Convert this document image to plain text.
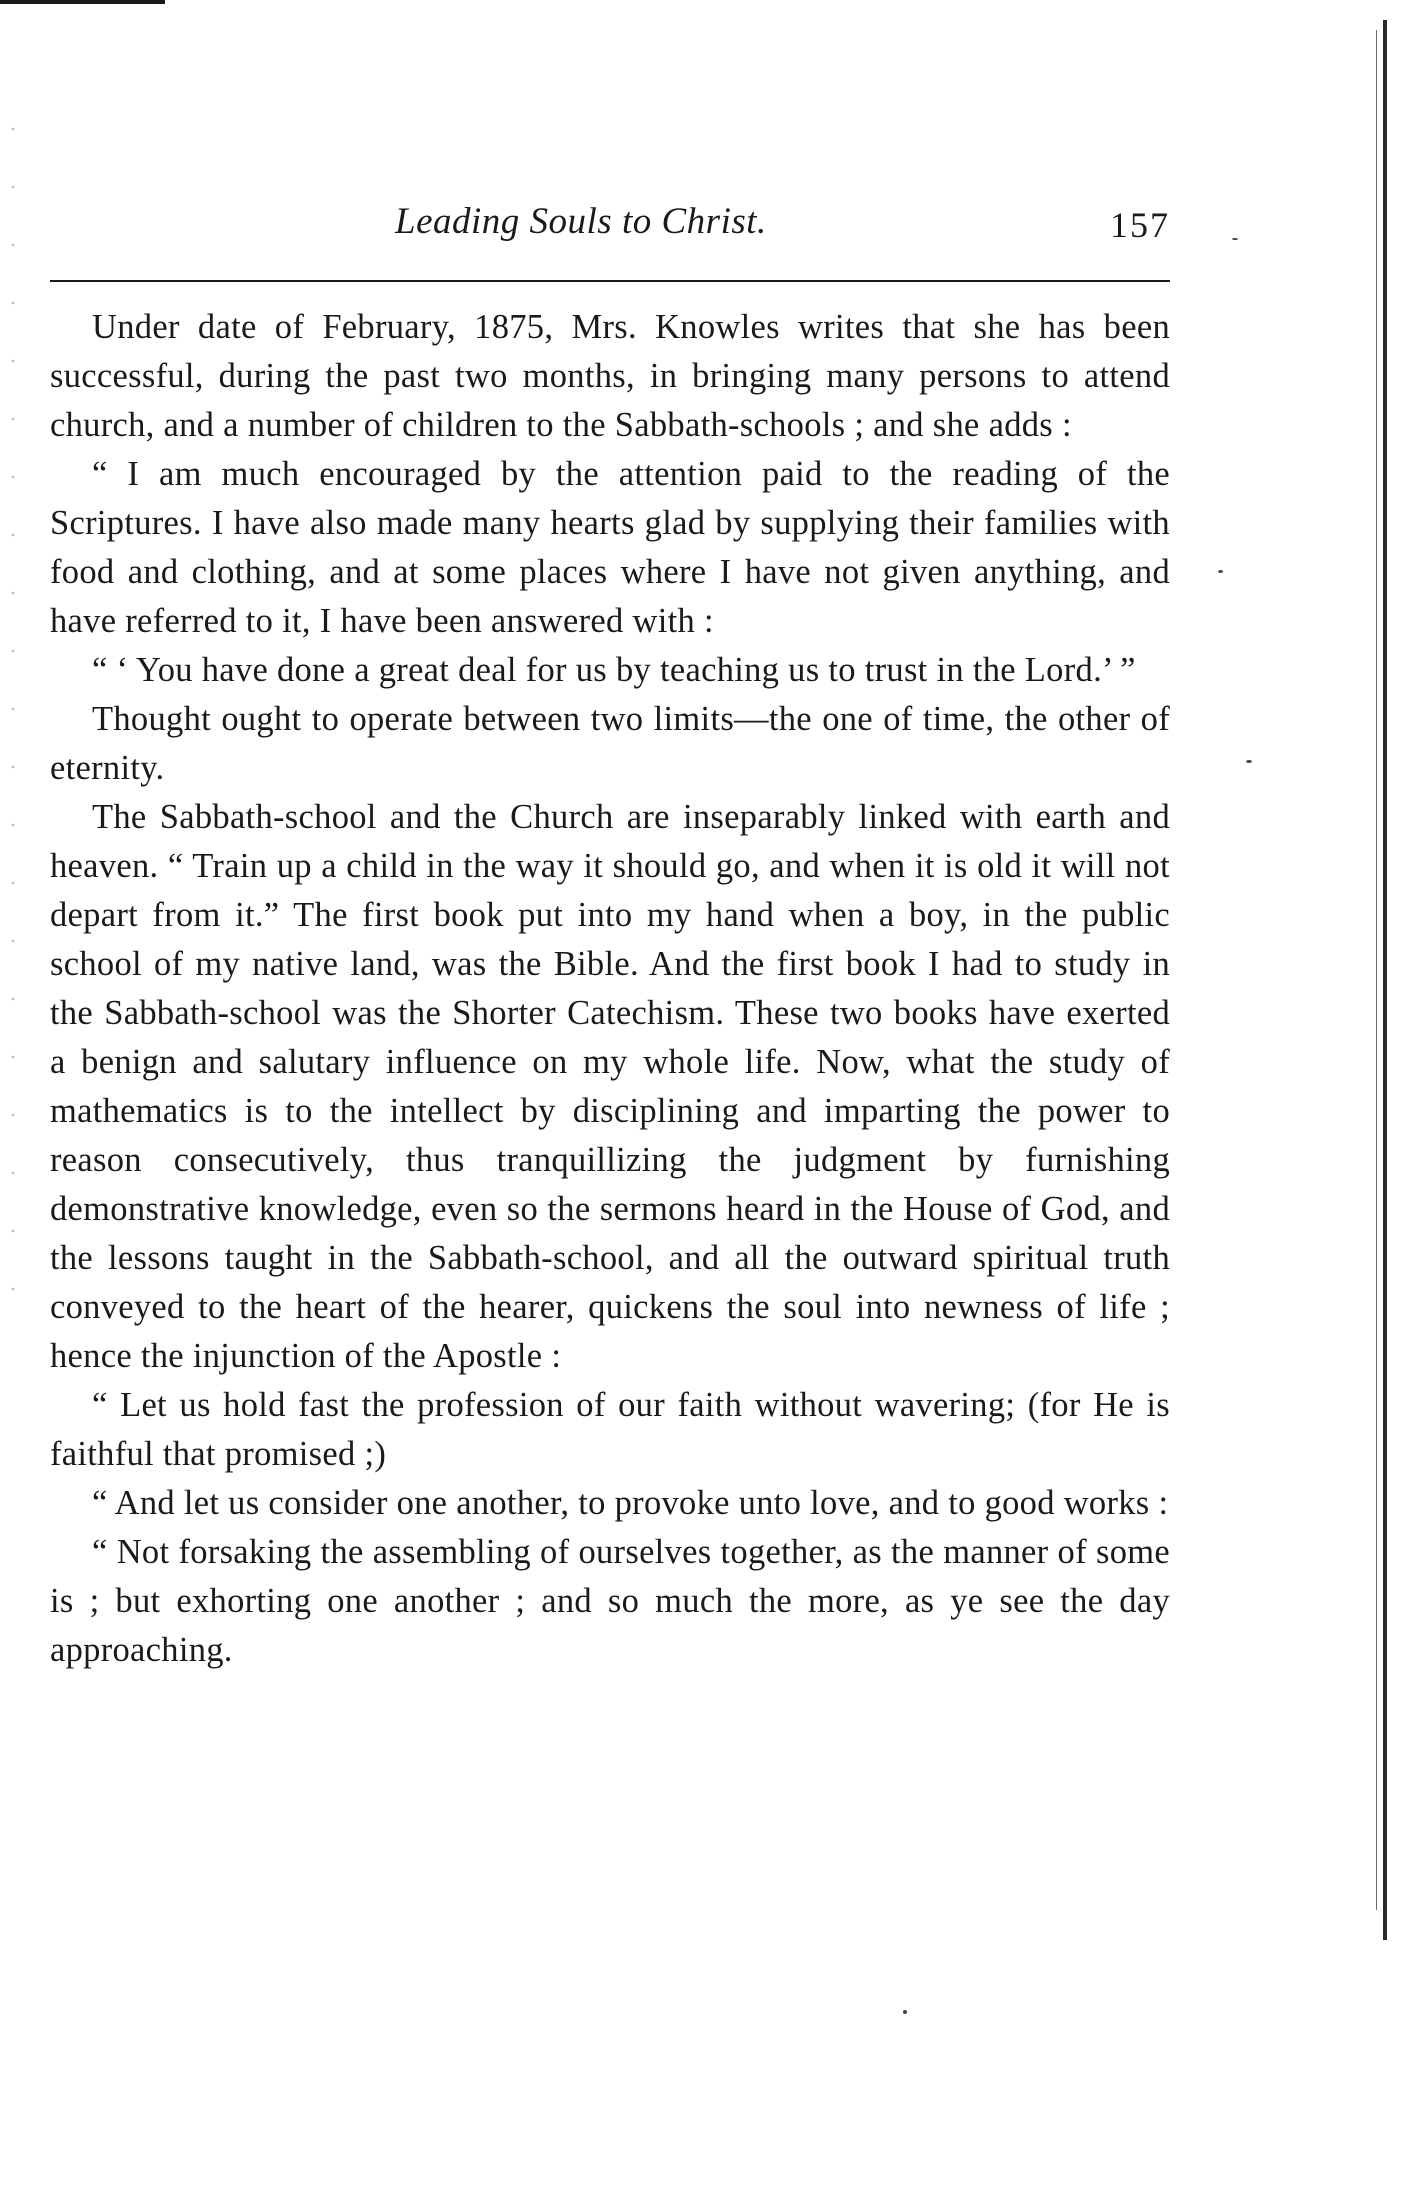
Leading Souls to Christ.	157

Under date of February, 1875, Mrs. Knowles writes that she has been successful, during the past two months, in bringing many persons to attend church, and a number of children to the Sabbath-schools ; and she adds :

“ I am much encouraged by the attention paid to the reading of the Scriptures. I have also made many hearts glad by supplying their families with food and clothing, and at some places where I have not given anything, and have referred to it, I have been answered with :

“ ‘ You have done a great deal for us by teaching us to trust in the Lord.’ ”

Thought ought to operate between two limits—the one of time, the other of eternity.

The Sabbath-school and the Church are inseparably linked with earth and heaven. “ Train up a child in the way it should go, and when it is old it will not depart from it.” The first book put into my hand when a boy, in the public school of my native land, was the Bible. And the first book I had to study in the Sabbath-school was the Shorter Catechism. These two books have exerted a benign and salutary influence on my whole life. Now, what the study of mathematics is to the intellect by disciplining and imparting the power to reason consecutively, thus tranquillizing the judgment by furnishing demonstrative knowledge, even so the sermons heard in the House of God, and the lessons taught in the Sabbath-school, and all the outward spiritual truth conveyed to the heart of the hearer, quickens the soul into newness of life ; hence the injunction of the Apostle :

“ Let us hold fast the profession of our faith without wavering; (for He is faithful that promised ;)

“ And let us consider one another, to provoke unto love, and to good works :

“ Not forsaking the assembling of ourselves together, as the manner of some is ; but exhorting one another ; and so much the more, as ye see the day approaching.
